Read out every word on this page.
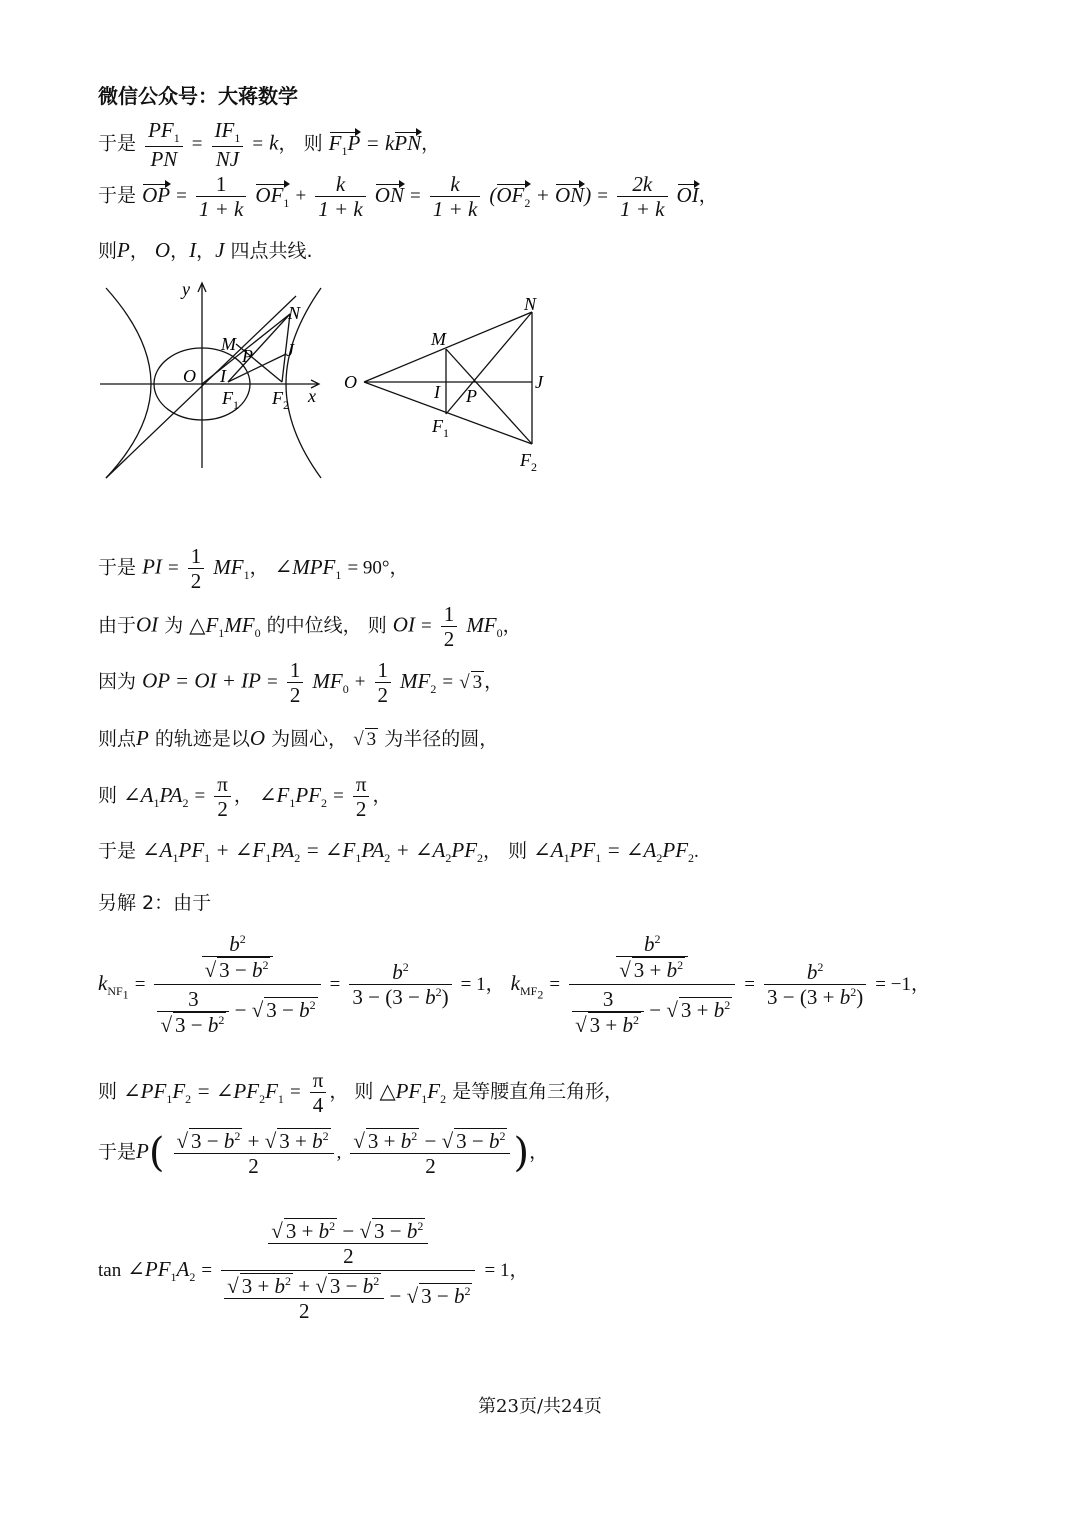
微信公众号：大蒋数学
于是 $\frac{PF_1}{PN} = \frac{IF_1}{NJ} = k$， 则 $F_1P$ = kPN，
于是 OP = $\frac{1}{1 + k} OF_1 + \frac{k}{1 + k}$ ON = $\frac{k}{1 + k} (OF_2 + ON) = \frac{2k}{1 + k}$ OI，
则P， O，I，J 四点共线.
y
N
M
P J
O I
$F_1$ $F_2$ x
N
M
O	I P
J
$F_1$
$F_2$
于是 PI = $\frac{1}{2} MF_1$， $\angle MPF_1 = 90^\circ$，
由于OI 为 $\triangle F_1MF_0$ 的中位线， 则 OI = $\frac{1}{2} MF_0$，
因为 OP = OI + IP = $\frac{1}{2} MF_0 + \frac{1}{2} MF_2$ = √ 3 ，
则点P 的轨迹是以O 为圆心， √ 3 为半径的圆，
则 $\angle A_1PA_2 = \frac{\pi}{2}$ ， $\angle F_1PF_2 = \frac{\pi}{2}$ ，
于是 $\angle A_1PF_1$ + $\angle F_1PA_2$ = $\angle F_1PA_2$ + $\angle A_2PF_2$， 则 $\angle A_1PF_1$ = $\angle A_2PF_2$.
另解 2：由于
$k_{NF_1} = \frac{\frac{b^2}{√ 3 - b^2}}{\frac{3}{√ 3 - b^2} - √ 3 - b^2} = \frac{b^2}{3 - (3 - b^2)} = 1$， $k_{MF_2} = \frac{\frac{b^2}{√ 3 + b^2}}{\frac{3}{√ 3 + b^2} - √ 3 + b^2} = \frac{b^2}{3 - (3 + b^2)} = -1$，
则 $\angle PF_1F_2$ = $\angle PF_2F_1 = \frac{\pi}{4}$ ， 则 $\triangle PF_1F_2$ 是等腰直角三角形，
于是$P( \frac{√ 3 - b^2 + √ 3 + b^2}{2}$ , $\frac{√ 3 + b^2 - √ 3 - b^2}{2}$ )，
$\tan \angle PF_1A_2 = \frac{\frac{√ 3 + b^2 - √ 3 - b^2}{2}}{\frac{√ 3 + b^2 + √ 3 - b^2}{2} - √ 3 - b^2} = 1$，
第23页/共24页
